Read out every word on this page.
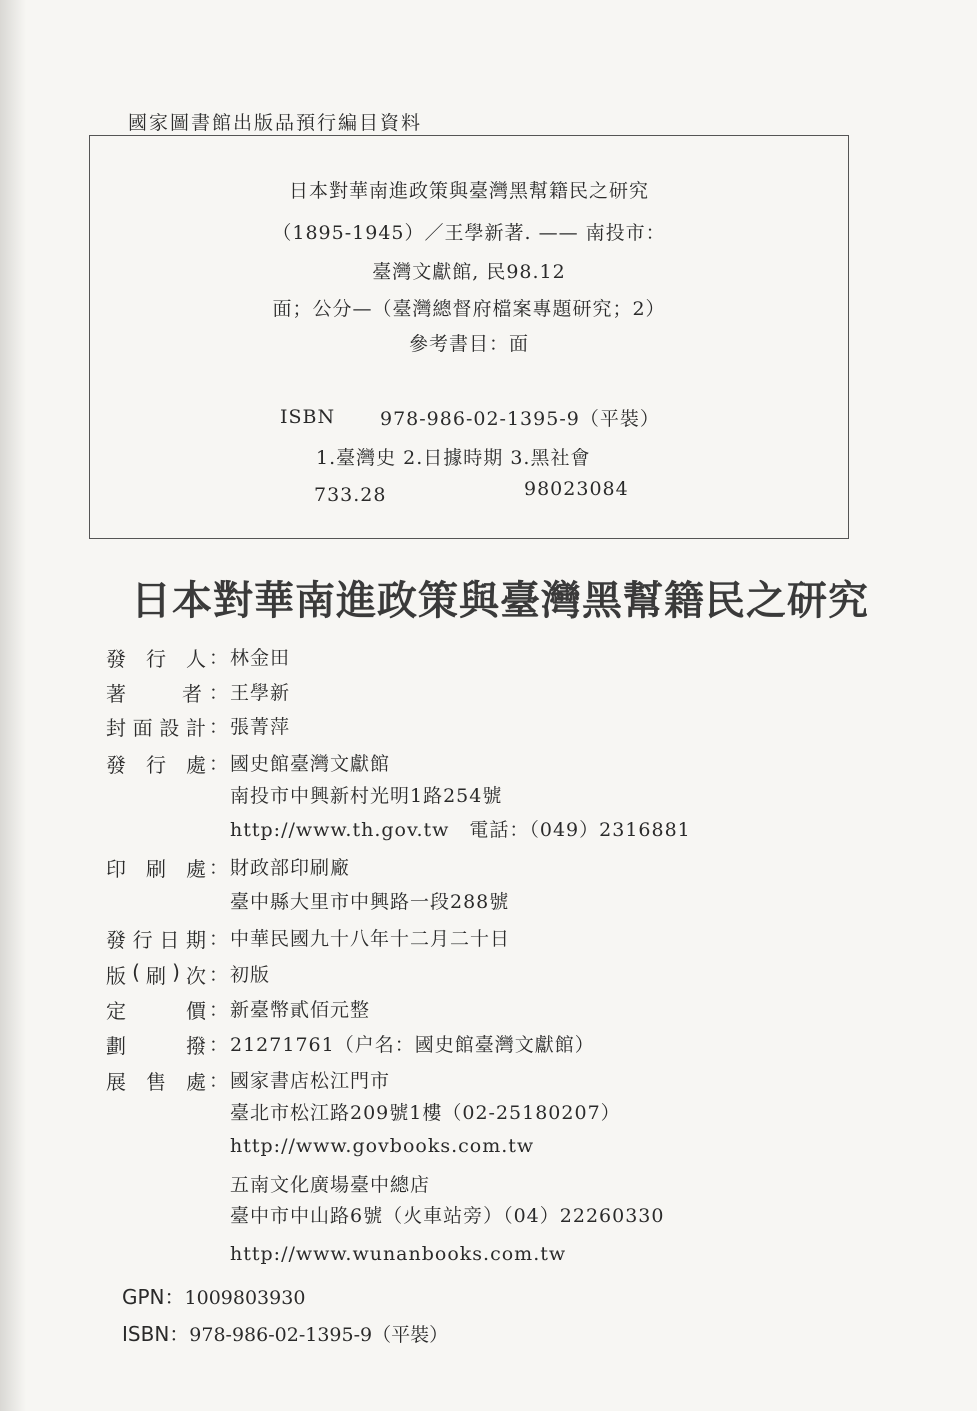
國家圖書館出版品預行編目資料
日本對華南進政策與臺灣黑幫籍民之研究
（1895-1945）／王學新著. —— 南投市：
臺灣文獻館, 民98.12
面；公分—（臺灣總督府檔案專題研究；2）
參考書目：面
ISBN 978-986-02-1395-9（平裝）
1.臺灣史 2.日據時期 3.黑社會
733.28	98023084
日本對華南進政策與臺灣黑幫籍民之研究
發 行 人 ： 林金田
著	者 ： 王學新
封 面 設 計 ： 張菁萍
發 行 處 ： 國史館臺灣文獻館
南投市中興新村光明1路254號
http://www.th.gov.tw　電話：（049）2316881
印 刷 處 ： 財政部印刷廠
臺中縣大里市中興路一段288號
發 行 日 期 ： 中華民國九十八年十二月二十日
版 ( 刷 ) 次 ： 初版
定	價 ： 新臺幣貳佰元整
劃	撥 ： 21271761（户名：國史館臺灣文獻館）
展 售 處 ： 國家書店松江門市
臺北市松江路209號1樓（02-25180207）
http://www.govbooks.com.tw
五南文化廣場臺中總店
臺中市中山路6號（火車站旁）（04）22260330
http://www.wunanbooks.com.tw
GPN：1009803930
ISBN：978-986-02-1395-9（平裝）
